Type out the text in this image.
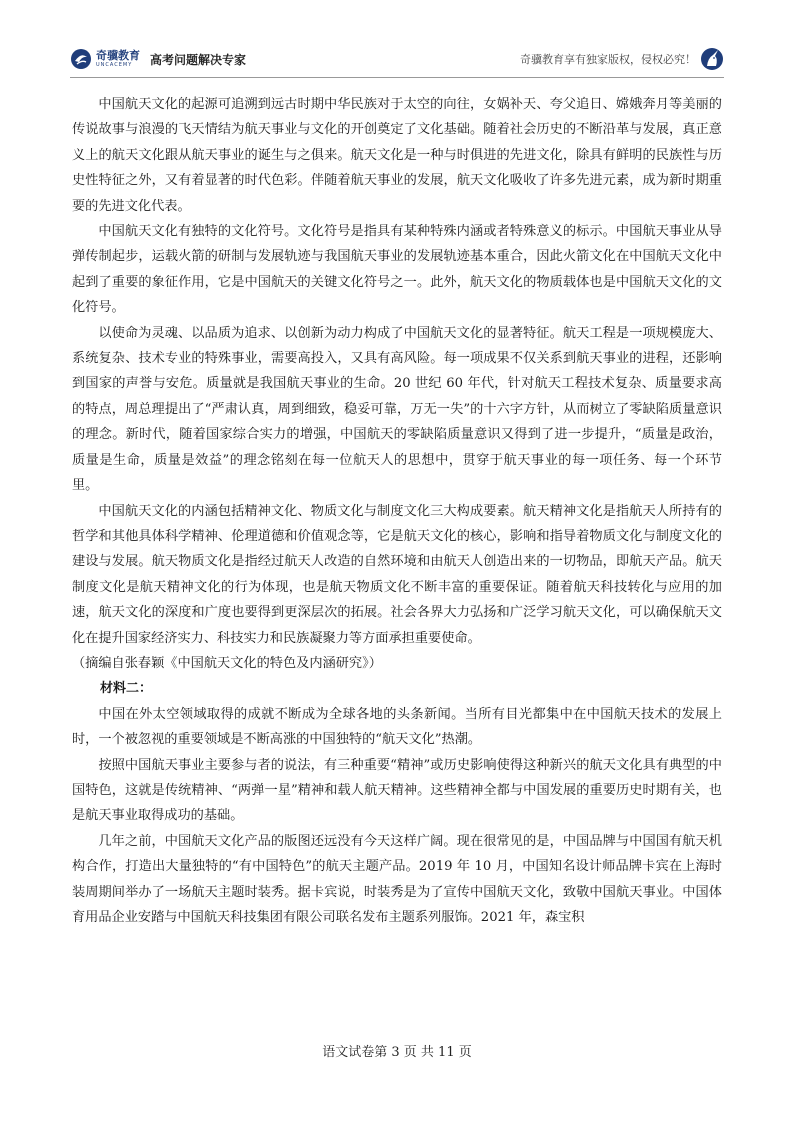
奇骥教育
UNCACEMY	高考问题解决专家	奇骥教育享有独家版权，侵权必究！

中国航天文化的起源可追溯到远古时期中华民族对于太空的向往，女娲补天、夸父追日、嫦娥奔月等美丽的传说故事与浪漫的飞天情结为航天事业与文化的开创奠定了文化基础。随着社会历史的不断沿革与发展，真正意义上的航天文化跟从航天事业的诞生与之俱来。航天文化是一种与时俱进的先进文化，除具有鲜明的民族性与历史性特征之外，又有着显著的时代色彩。伴随着航天事业的发展，航天文化吸收了许多先进元素，成为新时期重要的先进文化代表。

中国航天文化有独特的文化符号。文化符号是指具有某种特殊内涵或者特殊意义的标示。中国航天事业从导弹传制起步，运载火箭的研制与发展轨迹与我国航天事业的发展轨迹基本重合，因此火箭文化在中国航天文化中起到了重要的象征作用，它是中国航天的关键文化符号之一。此外，航天文化的物质载体也是中国航天文化的文化符号。

以使命为灵魂、以品质为追求、以创新为动力构成了中国航天文化的显著特征。航天工程是一项规模庞大、系统复杂、技术专业的特殊事业，需要高投入，又具有高风险。每一项成果不仅关系到航天事业的进程，还影响到国家的声誉与安危。质量就是我国航天事业的生命。20 世纪 60 年代，针对航天工程技术复杂、质量要求高的特点，周总理提出了“严肃认真，周到细致，稳妥可靠，万无一失”的十六字方针，从而树立了零缺陷质量意识的理念。新时代，随着国家综合实力的增强，中国航天的零缺陷质量意识又得到了进一步提升，“质量是政治，质量是生命，质量是效益”的理念铭刻在每一位航天人的思想中，贯穿于航天事业的每一项任务、每一个环节里。

中国航天文化的内涵包括精神文化、物质文化与制度文化三大构成要素。航天精神文化是指航天人所持有的哲学和其他具体科学精神、伦理道德和价值观念等，它是航天文化的核心，影响和指导着物质文化与制度文化的建设与发展。航天物质文化是指经过航天人改造的自然环境和由航天人创造出来的一切物品，即航天产品。航天制度文化是航天精神文化的行为体现，也是航天物质文化不断丰富的重要保证。随着航天科技转化与应用的加速，航天文化的深度和广度也要得到更深层次的拓展。社会各界大力弘扬和广泛学习航天文化，可以确保航天文化在提升国家经济实力、科技实力和民族凝聚力等方面承担重要使命。

（摘编自张春颖《中国航天文化的特色及内涵研究》）

材料二：

中国在外太空领域取得的成就不断成为全球各地的头条新闻。当所有目光都集中在中国航天技术的发展上时，一个被忽视的重要领域是不断高涨的中国独特的“航天文化”热潮。

按照中国航天事业主要参与者的说法，有三种重要“精神”或历史影响使得这种新兴的航天文化具有典型的中国特色，这就是传统精神、“两弹一星”精神和载人航天精神。这些精神全都与中国发展的重要历史时期有关，也是航天事业取得成功的基础。

几年之前，中国航天文化产品的版图还远没有今天这样广阔。现在很常见的是，中国品牌与中国国有航天机构合作，打造出大量独特的“有中国特色”的航天主题产品。2019 年 10 月，中国知名设计师品牌卡宾在上海时装周期间举办了一场航天主题时装秀。据卡宾说，时装秀是为了宣传中国航天文化，致敬中国航天事业。中国体育用品企业安踏与中国航天科技集团有限公司联名发布主题系列服饰。2021 年，森宝积

语文试卷第 3 页 共 11 页
